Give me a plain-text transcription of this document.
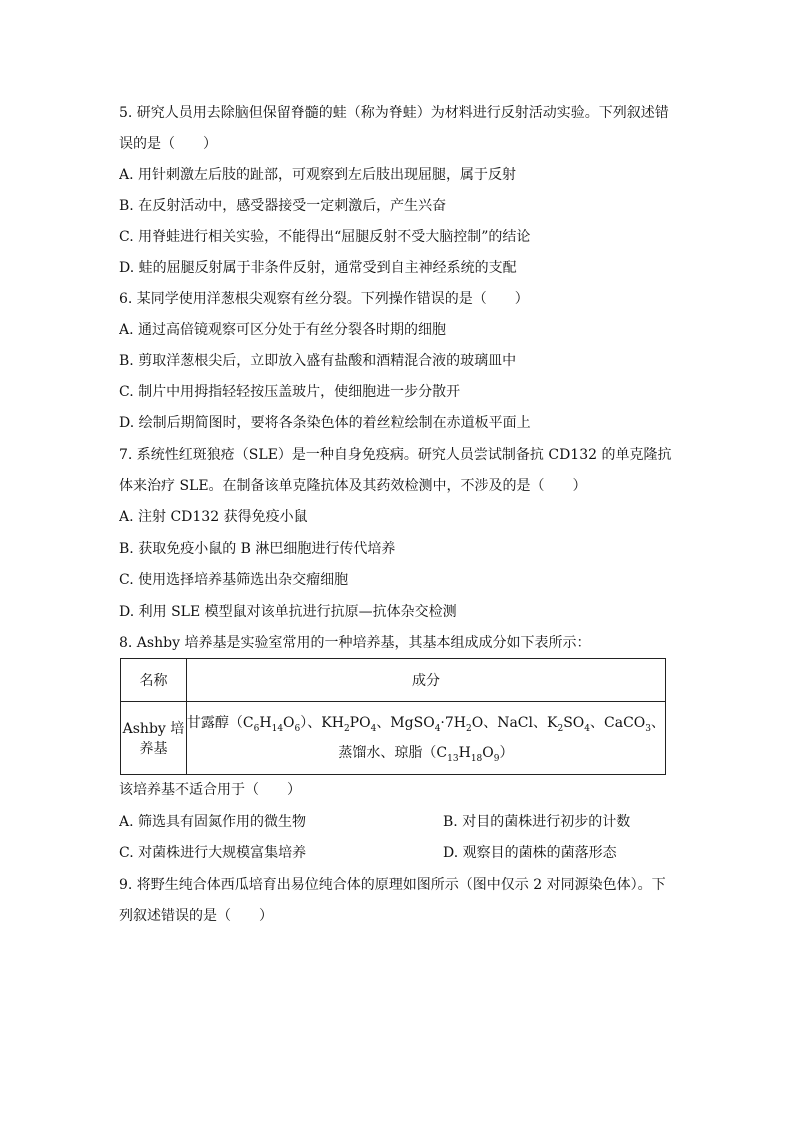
5. 研究人员用去除脑但保留脊髓的蛙（称为脊蛙）为材料进行反射活动实验。下列叙述错
误的是（　　）
A. 用针刺激左后肢的趾部，可观察到左后肢出现屈腿，属于反射
B. 在反射活动中，感受器接受一定刺激后，产生兴奋
C. 用脊蛙进行相关实验，不能得出“屈腿反射不受大脑控制”的结论
D. 蛙的屈腿反射属于非条件反射，通常受到自主神经系统的支配
6. 某同学使用洋葱根尖观察有丝分裂。下列操作错误的是（　　）
A. 通过高倍镜观察可区分处于有丝分裂各时期的细胞
B. 剪取洋葱根尖后，立即放入盛有盐酸和酒精混合液的玻璃皿中
C. 制片中用拇指轻轻按压盖玻片，使细胞进一步分散开
D. 绘制后期简图时，要将各条染色体的着丝粒绘制在赤道板平面上
7. 系统性红斑狼疮（SLE）是一种自身免疫病。研究人员尝试制备抗 CD132 的单克隆抗
体来治疗 SLE。在制备该单克隆抗体及其药效检测中，不涉及的是（　　）
A. 注射 CD132 获得免疫小鼠
B. 获取免疫小鼠的 B 淋巴细胞进行传代培养
C. 使用选择培养基筛选出杂交瘤细胞
D. 利用 SLE 模型鼠对该单抗进行抗原—抗体杂交检测
8. Ashby 培养基是实验室常用的一种培养基，其基本组成成分如下表所示：
名称	成分
Ashby 培养基	甘露醇$(C_6H_{14}O_6)$、$KH_2PO_4$、$MgSO_4\cdot 7H_2O$、NaCl、$K_2SO_4$、CaCO$_3$、
蒸馏水、琼脂$(C_{13}H_{18}O_9)$
该培养基不适合用于（　　）
A. 筛选具有固氮作用的微生物	B. 对目的菌株进行初步的计数
C. 对菌株进行大规模富集培养	D. 观察目的菌株的菌落形态
9. 将野生纯合体西瓜培育出易位纯合体的原理如图所示（图中仅示 2 对同源染色体）。下
列叙述错误的是（　　）
